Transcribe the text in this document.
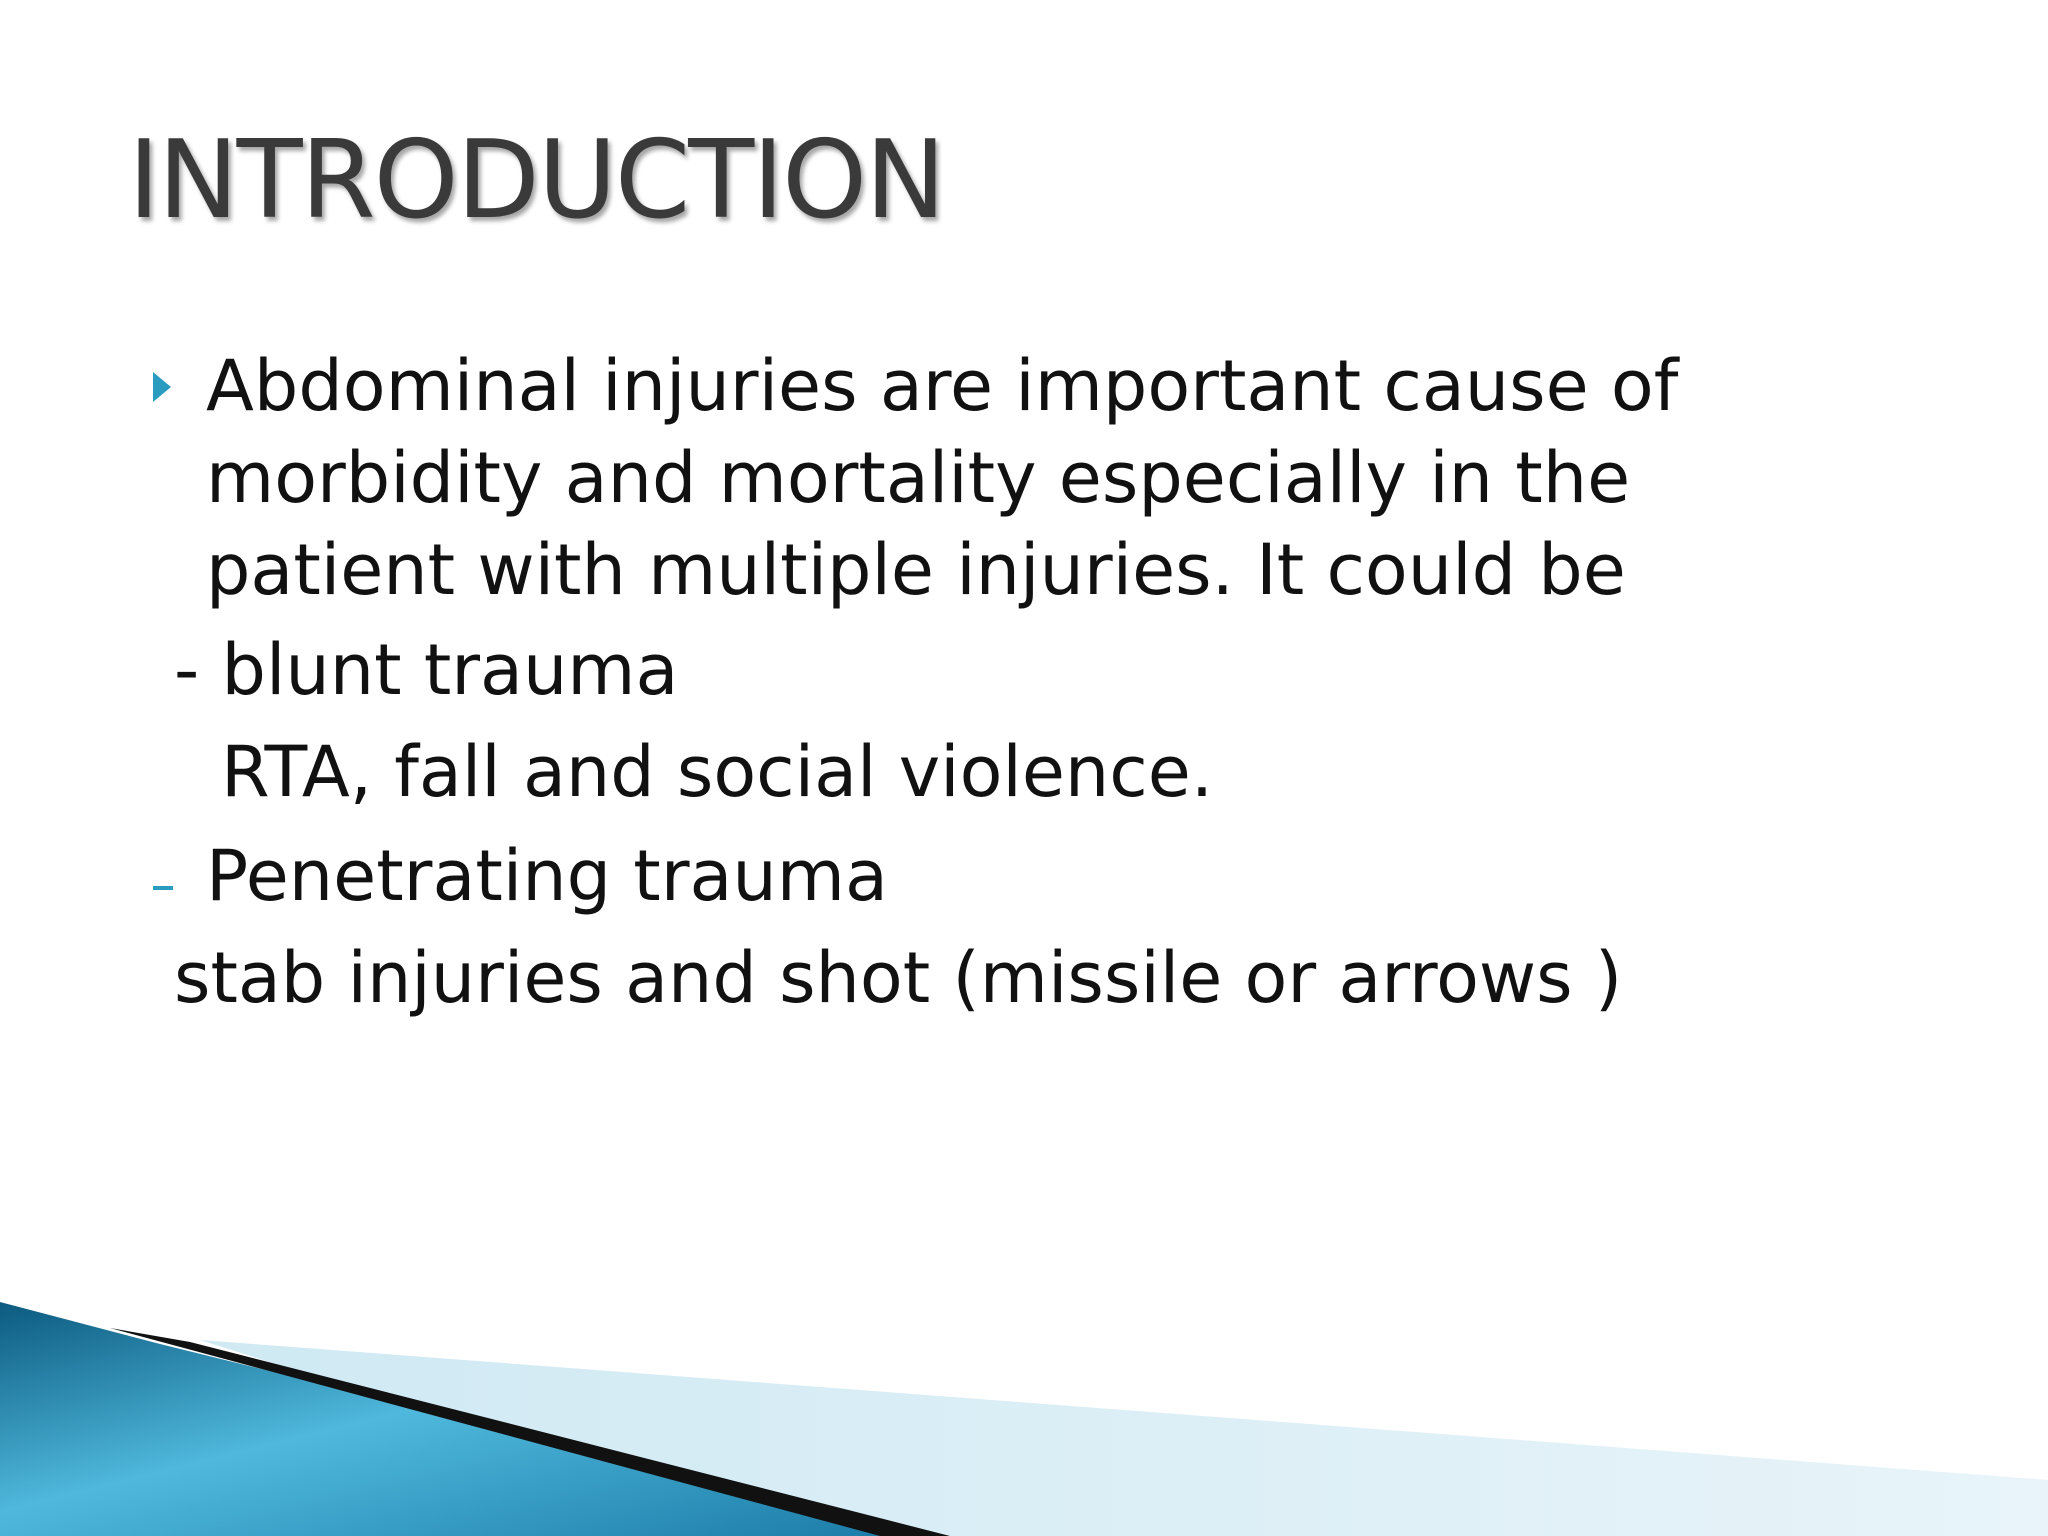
INTRODUCTION
Abdominal injuries are important cause of
morbidity and mortality especially in the
patient with multiple injuries. It could be
- blunt trauma
RTA, fall and social violence.
Penetrating trauma
stab injuries and shot (missile or arrows )
